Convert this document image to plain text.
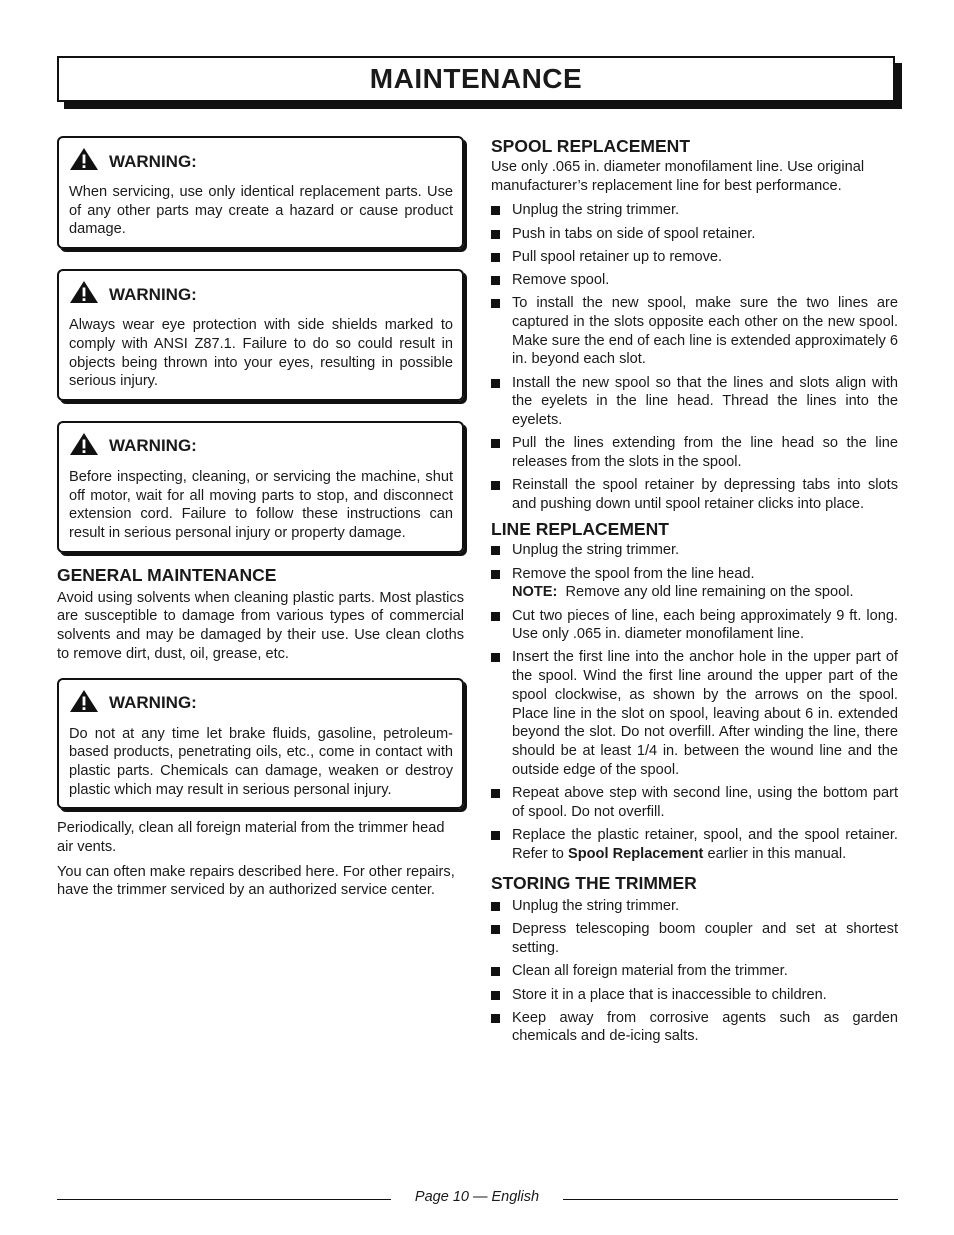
MAINTENANCE
WARNING:

When servicing, use only identical replacement parts. Use of any other parts may create a hazard or cause product damage.

WARNING:

Always wear eye protection with side shields marked to comply with ANSI Z87.1. Failure to do so could result in objects being thrown into your eyes, resulting in possible serious injury.

WARNING:

Before inspecting, cleaning, or servicing the machine, shut off motor, wait for all moving parts to stop, and disconnect extension cord. Failure to follow these instructions can result in serious personal injury or property damage.

GENERAL MAINTENANCE

Avoid using solvents when cleaning plastic parts. Most plastics are susceptible to damage from various types of commercial solvents and may be damaged by their use. Use clean cloths to remove dirt, dust, oil, grease, etc.

WARNING:

Do not at any time let brake fluids, gasoline, petroleum-based products, penetrating oils, etc., come in contact with plastic parts. Chemicals can damage, weaken or destroy plastic which may result in serious personal injury.

Periodically, clean all foreign material from the trimmer head air vents.

You can often make repairs described here. For other repairs, have the trimmer serviced by an authorized service center.

SPOOL REPLACEMENT

Use only .065 in. diameter monofilament line. Use original manufacturer’s replacement line for best performance.

Unplug the string trimmer.
Push in tabs on side of spool retainer.
Pull spool retainer up to remove.
Remove spool.
To install the new spool, make sure the two lines are captured in the slots opposite each other on the new spool. Make sure the end of each line is extended approximately 6 in. beyond each slot.
Install the new spool so that the lines and slots align with the eyelets in the line head. Thread the lines into the eyelets.
Pull the lines extending from the line head so the line releases from the slots in the spool.
Reinstall the spool retainer by depressing tabs into slots and pushing down until spool retainer clicks into place.
LINE REPLACEMENT
Unplug the string trimmer.
Remove the spool from the line head.
NOTE: Remove any old line remaining on the spool.
Cut two pieces of line, each being approximately 9 ft. long. Use only .065 in. diameter monofilament line.
Insert the first line into the anchor hole in the upper part of the spool. Wind the first line around the upper part of the spool clockwise, as shown by the arrows on the spool. Place line in the slot on spool, leaving about 6 in. extended beyond the slot. Do not overfill. After winding the line, there should be at least 1/4 in. between the wound line and the outside edge of the spool.
Repeat above step with second line, using the bottom part of spool. Do not overfill.
Replace the plastic retainer, spool, and the spool retainer. Refer to Spool Replacement earlier in this manual.
STORING THE TRIMMER
Unplug the string trimmer.
Depress telescoping boom coupler and set at shortest setting.
Clean all foreign material from the trimmer.
Store it in a place that is inaccessible to children.
Keep away from corrosive agents such as garden chemicals and de-icing salts.
Page 10 — English
